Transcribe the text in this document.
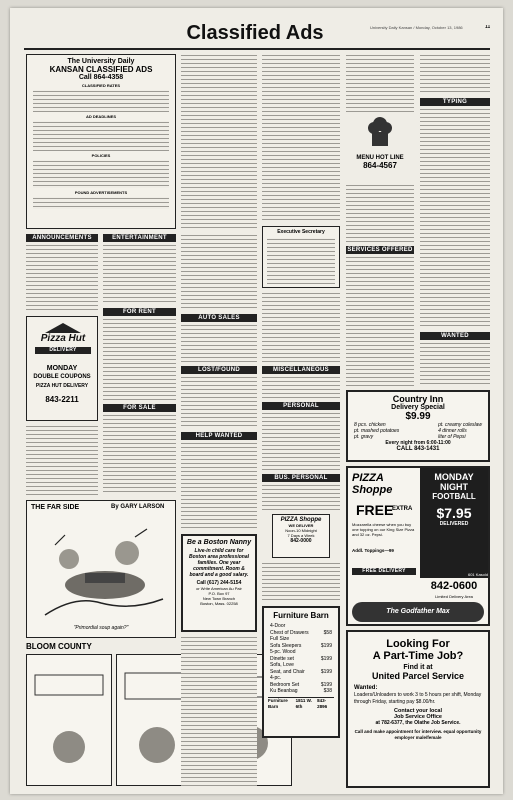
Classified Ads	University Daily Kansan / Monday, October 13, 1986	11
The University Daily
KANSAN CLASSIFIED ADS
Call 864-4358
CLASSIFIED RATES
AD DEADLINES
POLICIES
POUND ADVERTISEMENTS
ANNOUNCEMENTS
Pizza Hut
DELIVERY
MONDAY
DOUBLE COUPONS
PIZZA HUT DELIVERY
843-2211
ENTERTAINMENT
FOR RENT
FOR SALE
THE FAR SIDE	By GARY LARSON
"Primordial soup again?"
BLOOM COUNTY
AUTO SALES
LOST/FOUND
HELP WANTED
Be a Boston Nanny
Live-in child care for Boston area professional families. One year commitment. Room & board and a good salary.
Call (617) 244-5154
or Write American Au Pair
P.O. Box 97
New Town Branch
Boston, Mass. 02258
Executive Secretary
MISCELLANEOUS
PERSONAL
BUS. PERSONAL
PIZZA Shoppe
WE DELIVER
Noon-10 Midnight
7 Days a Week
842-0000
Furniture Barn
4-Door
Chest of Drawers	$58
Full Size
Sofa Sleepers	$199
5-pc. Wood
Dinette set	$199
Sofa, Love
Seat, and Chair	$199
4-pc.
Bedroom Set	$199
Ku Beanbag	$38
Furniture Barn
1811 W. 6th
843-2896
MENU HOT LINE
864-4567
SERVICES OFFERED
TYPING
WANTED
Country Inn
Delivery Special
$9.99
8 pcs. chicken
pt. mashed potatoes
pt. gravy
pt. creamy coleslaw
4 dinner rolls
liter of Pepsi
Every night from 6:00-11:00
CALL 843-1431
PIZZA Shoppe
FREE
EXTRA
Mozzarella cheese when you buy one topping on our King Size Pizza and 32 oz. Pepsi.
Addl. Toppings—99
MONDAY
NIGHT
FOOTBALL
$7.95
DELIVERED
842-0600
601 Kasold
Limited Delivery Area
FREE DELIVERY
The Godfather Max
Looking For
A Part-Time Job?
Find it at
United Parcel Service
Wanted:
Loaders/Unloaders to work 3 to 5 hours per shift, Monday through Friday, starting pay $8.00/hr.
Contact your local
Job Service Office
at 782-6377, the Olathe Job Service.
Call and make appointment for interview. equal opportunity employer male/female
